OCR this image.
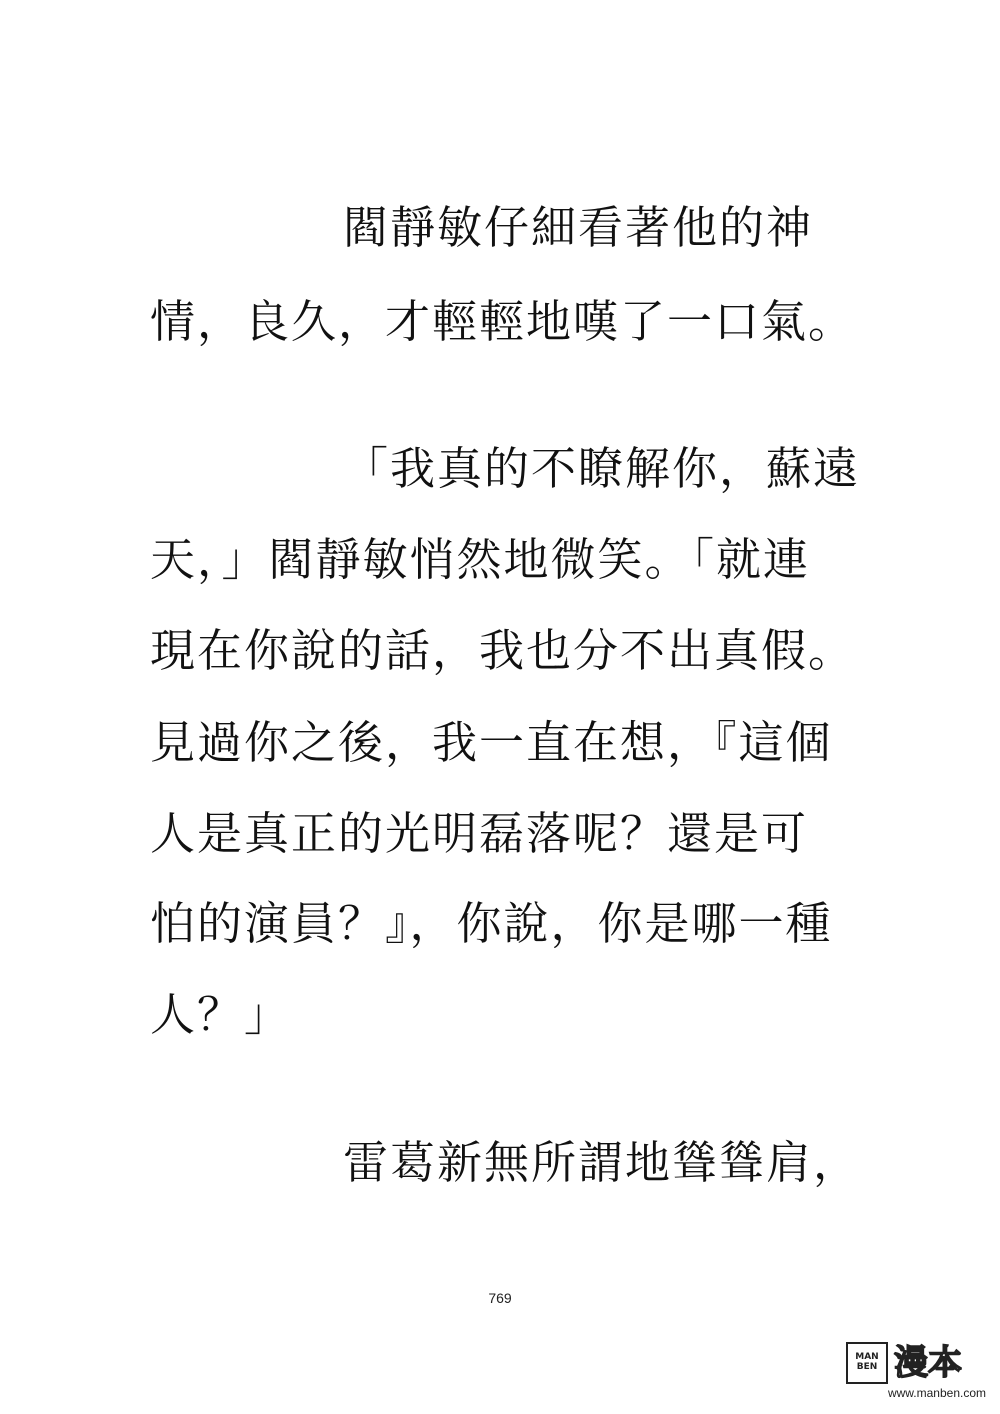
閻靜敏仔細看著他的神
情，良久，才輕輕地嘆了一口氣。
「我真的不瞭解你，蘇遠
天，」閻靜敏悄然地微笑。「就連
現在你說的話，我也分不出真假。
見過你之後，我一直在想，『這個
人是真正的光明磊落呢？還是可
怕的演員？』，你說，你是哪一種
人？」
雷葛新無所謂地聳聳肩，
769
MAN BEN 漫本
www.manben.com
